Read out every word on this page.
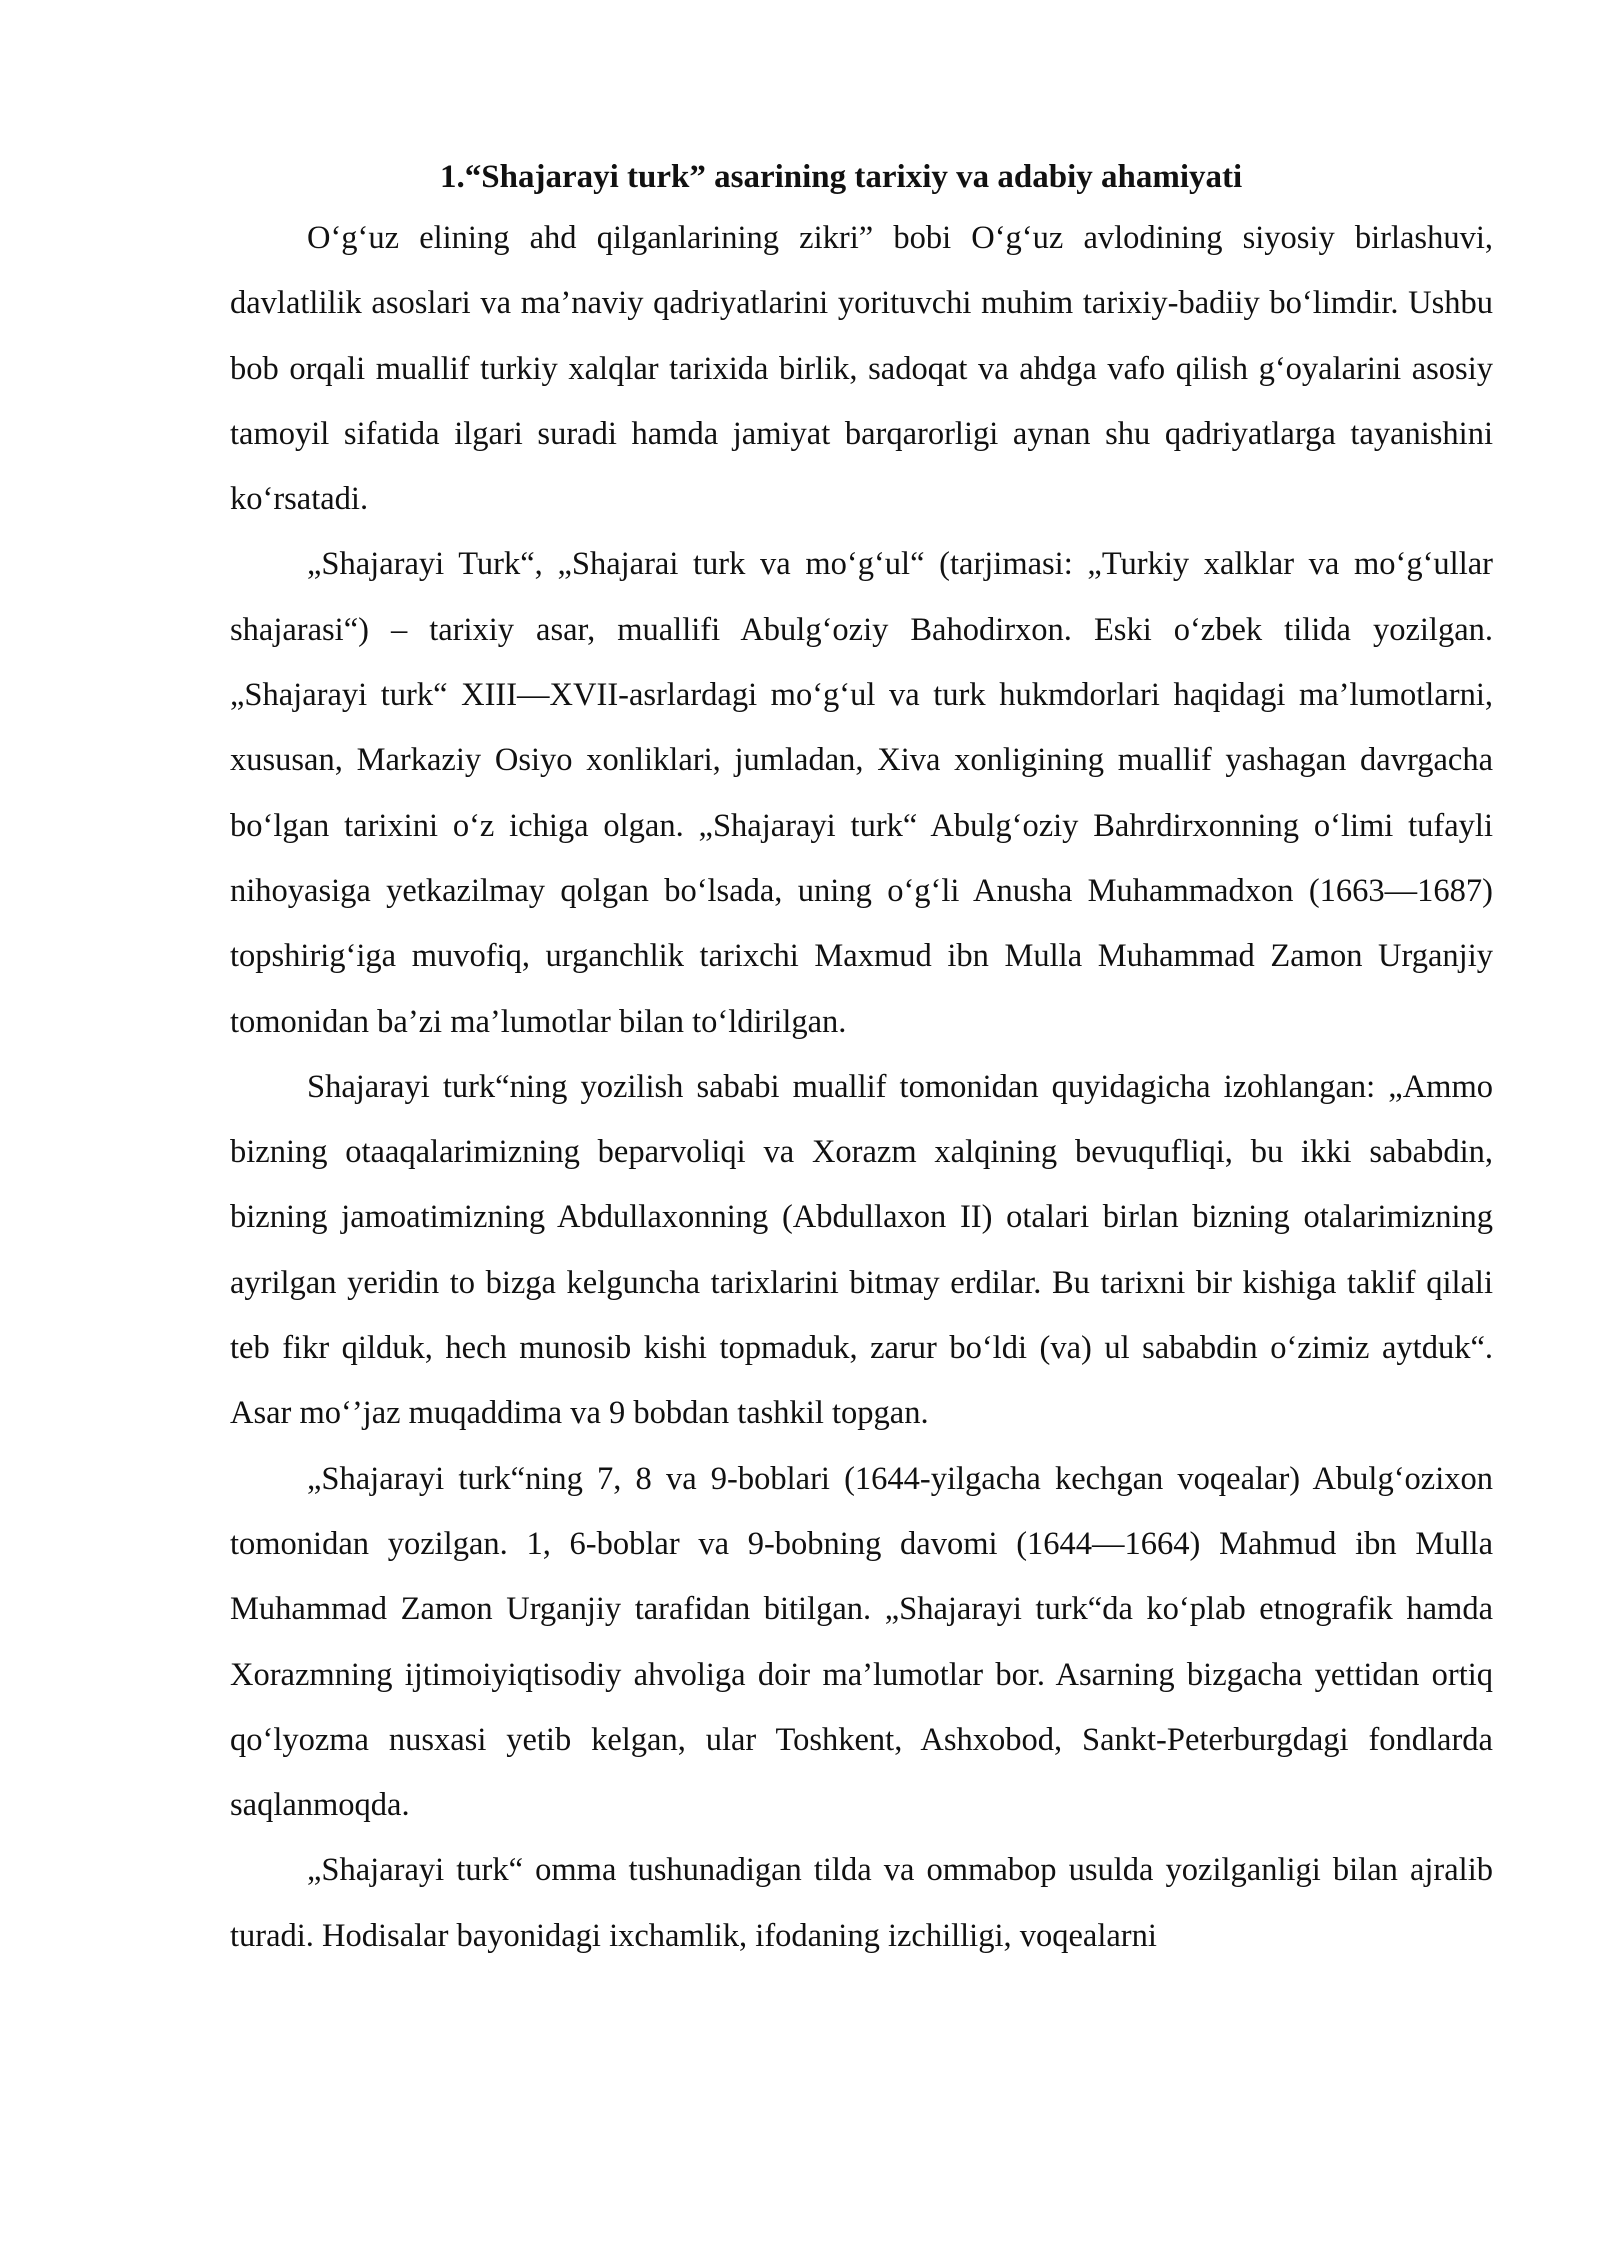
1.“Shajarayi turk” asarining tarixiy va adabiy ahamiyati

O‘g‘uz elining ahd qilganlarining zikri” bobi O‘g‘uz avlodining siyosiy birlashuvi, davlatlilik asoslari va ma’naviy qadriyatlarini yorituvchi muhim tarixiy-badiiy bo‘limdir. Ushbu bob orqali muallif turkiy xalqlar tarixida birlik, sadoqat va ahdga vafo qilish g‘oyalarini asosiy tamoyil sifatida ilgari suradi hamda jamiyat barqarorligi aynan shu qadriyatlarga tayanishini ko‘rsatadi.

„Shajarayi Turk“, „Shajarai turk va mo‘g‘ul“ (tarjimasi: „Turkiy xalklar va mo‘g‘ullar shajarasi“) – tarixiy asar, muallifi Abulg‘oziy Bahodirxon. Eski o‘zbek tilida yozilgan. „Shajarayi turk“ XIII—XVII-asrlardagi mo‘g‘ul va turk hukmdorlari haqidagi ma’lumotlarni, xususan, Markaziy Osiyo xonliklari, jumladan, Xiva xonligining muallif yashagan davrgacha bo‘lgan tarixini o‘z ichiga olgan. „Shajarayi turk“ Abulg‘oziy Bahrdirxonning o‘limi tufayli nihoyasiga yetkazilmay qolgan bo‘lsada, uning o‘g‘li Anusha Muhammadxon (1663—1687) topshirig‘iga muvofiq, urganchlik tarixchi Maxmud ibn Mulla Muhammad Zamon Urganjiy tomonidan ba’zi ma’lumotlar bilan to‘ldirilgan.

Shajarayi turk“ning yozilish sababi muallif tomonidan quyidagicha izohlangan: „Ammo bizning otaaqalarimizning beparvoliqi va Xorazm xalqining bevuqufliqi, bu ikki sababdin, bizning jamoatimizning Abdullaxonning (Abdullaxon II) otalari birlan bizning otalarimizning ayrilgan yeridin to bizga kelguncha tarixlarini bitmay erdilar. Bu tarixni bir kishiga taklif qilali teb fikr qilduk, hech munosib kishi topmaduk, zarur bo‘ldi (va) ul sababdin o‘zimiz aytduk“. Asar mo‘’jaz muqaddima va 9 bobdan tashkil topgan.

„Shajarayi turk“ning 7, 8 va 9-boblari (1644-yilgacha kechgan voqealar) Abulg‘ozixon tomonidan yozilgan. 1, 6-boblar va 9-bobning davomi (1644—1664) Mahmud ibn Mulla Muhammad Zamon Urganjiy tarafidan bitilgan. „Shajarayi turk“da ko‘plab etnografik hamda Xorazmning ijtimoiyiqtisodiy ahvoliga doir ma’lumotlar bor. Asarning bizgacha yettidan ortiq qo‘lyozma nusxasi yetib kelgan, ular Toshkent, Ashxobod, Sankt-Peterburgdagi fondlarda saqlanmoqda.

„Shajarayi turk“ omma tushunadigan tilda va ommabop usulda yozilganligi bilan ajralib turadi. Hodisalar bayonidagi ixchamlik, ifodaning izchilligi, voqealarni
